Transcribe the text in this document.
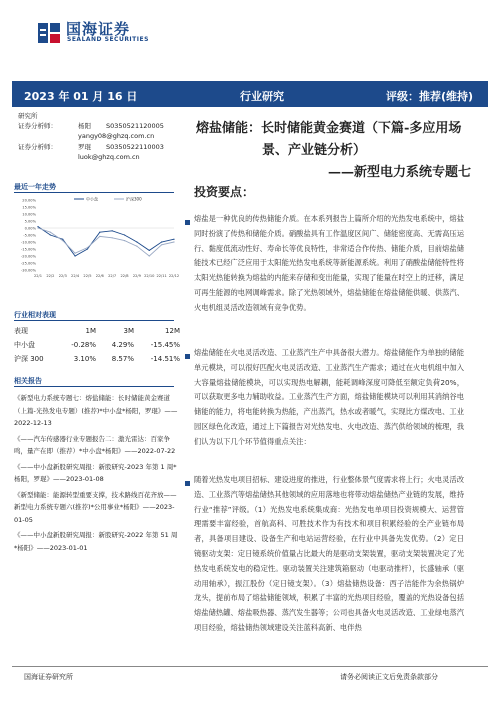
国海证券
SEALAND SECURITIES
2023 年 01 月 16 日	行业研究	评级：推荐(维持)
研究所
证券分析师：	杨阳 S0350521120005
yangy08@ghzq.com.cn
证券分析师：	罗琨 S0350522110003
luok@ghzq.com.cn
熔盐储能：长时储能黄金赛道（下篇-多应用场
景、产业链分析）
——新型电力系统专题七
最近一年走势
20.00%
15.00%
10.00%
5.00%
0.00%
-5.00%
-10.00%
-15.00%
-20.00%
-25.00%
-30.00%
22/1 22/2 22/3 22/4 22/5 22/6 22/7 22/8 22/9 22/10 22/11 22/12
中小盘	沪深300
行业相对表现
表现	1M	3M	12M
中小盘	-0.28%	4.29%	-15.45%
沪深 300	3.10%	8.57%	-14.51%
相关报告
《新型电力系统专题七：熔盐储能：长时储能黄金赛道（上篇-光热发电专题）(推荐)*中小盘*杨阳，罗琨》——2022-12-13
《——汽车传感器行业专题报告二：激光雷达：百家争鸣，量产在即（推荐）*中小盘*杨阳》——2022-07-22
《——中小盘新股研究周报：新股研究-2023 年第 1 周*杨阳，罗琨》——2023-01-08
《新型储能：能源转型重要支撑，技术路线百花齐放——新型电力系统专题六(推荐)*公用事业*杨阳》——2023-01-05
《——中小盘新股研究周报：新股研究-2022 年第 51 周*杨阳》——2023-01-01
投资要点：
熔盐是一种优良的传热储能介质。在本系列报告上篇所介绍的光热发电系统中，熔盐同时扮演了传热和储能介质。硝酸盐具有工作温度区间广、储能密度高、无需高压运行、黏度低流动性好、寿命长等优良特性，非常适合作传热、储能介质，目前熔盐储能技术已经广泛应用于太阳能光热发电系统等新能源系统。利用了硝酸盐储能特性将太阳光热能转换为熔盐的内能来存储和变出能量，实现了能量在时空上的迁移，满足可再生能源的电网调峰需求。除了光热领域外，熔盐储能在熔盐储能供暖、供蒸汽、火电机组灵活改造领域有竞争优势。
熔盐储能在火电灵活改造、工业蒸汽生产中具备很大潜力。熔盐储能作为单独的储能单元模块，可以很好匹配火电灵活改造、工业蒸汽生产需求；通过在火电机组中加入大容量熔盐储能模块，可以实现热电解耦，能耗调峰深度可降低至额定负荷20%，可以获取更多电力辅助收益。工业蒸汽生产方面，熔盐储能模块可以利用其消纳谷电储能的能力，将电能转换为热能，产出蒸汽，热水或者暖气，实现比方煤改电、工业园区绿色化改造，通过上下篇报告对光热发电、火电改造、蒸汽供给领域的梳理，我们认为以下几个环节值得重点关注：
随着光热发电项目招标、建设进度的推进，行业整体景气度需求将上行；火电灵活改造、工业蒸汽等熔盐储热其他领域的应用落地也将带动熔盐储热产业链的发展，维持行业“推荐”评级。（1）光热发电系统集成商：光热发电单项目投资规模大、运营管理需要丰富经验，首航高科、可胜技术作为有技术和项目积累经验的全产业链布局者，具备项目建设、设备生产和电站运营经验，在行业中具备先发优势。（2）定日镜驱动支架：定日镜系统价值量占比最大的是驱动支架装置，驱动支架装置决定了光热发电系统发电的稳定性。驱动装置关注建筑箱驱动（电驱动推杆），长盛轴承（驱动用轴承），振江股份（定日镜支架）。（3）熔盐储热设备：西子洁能作为余热锅炉龙头，提前布局了熔盐储能领域，积累了丰富的光热项目经验，覆盖的光热设备包括熔盐储热罐、熔盐吸热器、蒸汽发生器等；公司也具备火电灵活改造、工业绿电蒸汽项目经验，熔盐储热领域建设关注蓝科高新、电伴热
国海证券研究所	请务必阅读正文后免责条款部分
